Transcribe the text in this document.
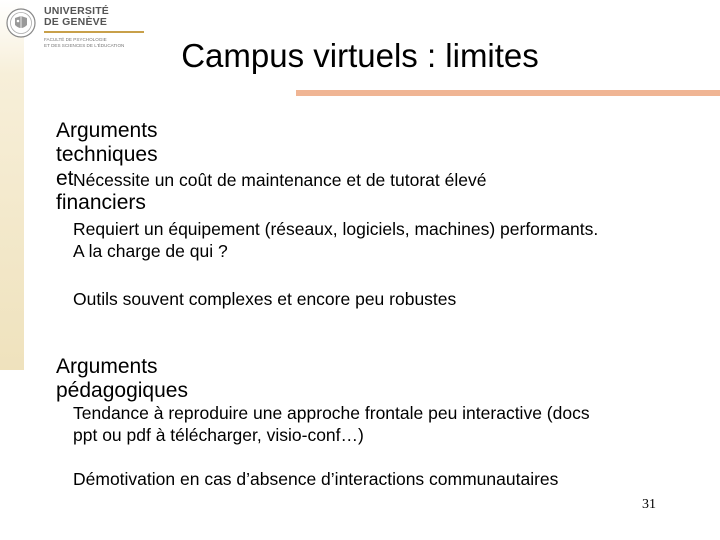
UNIVERSITÉ
DE GENÈVE
FACULTÉ DE PSYCHOLOGIE
ET DES SCIENCES DE L'ÉDUCATION	Campus virtuels : limites
Arguments techniques et financiers
Nécessite un coût de maintenance et de tutorat élevé
Requiert un équipement (réseaux, logiciels, machines) performants.
A la charge de qui ?
Outils souvent complexes et encore peu robustes
Arguments pédagogiques
Tendance à reproduire une approche frontale peu interactive (docs
ppt ou pdf à télécharger, visio-conf…)
Démotivation en cas d’absence d’interactions communautaires
31
